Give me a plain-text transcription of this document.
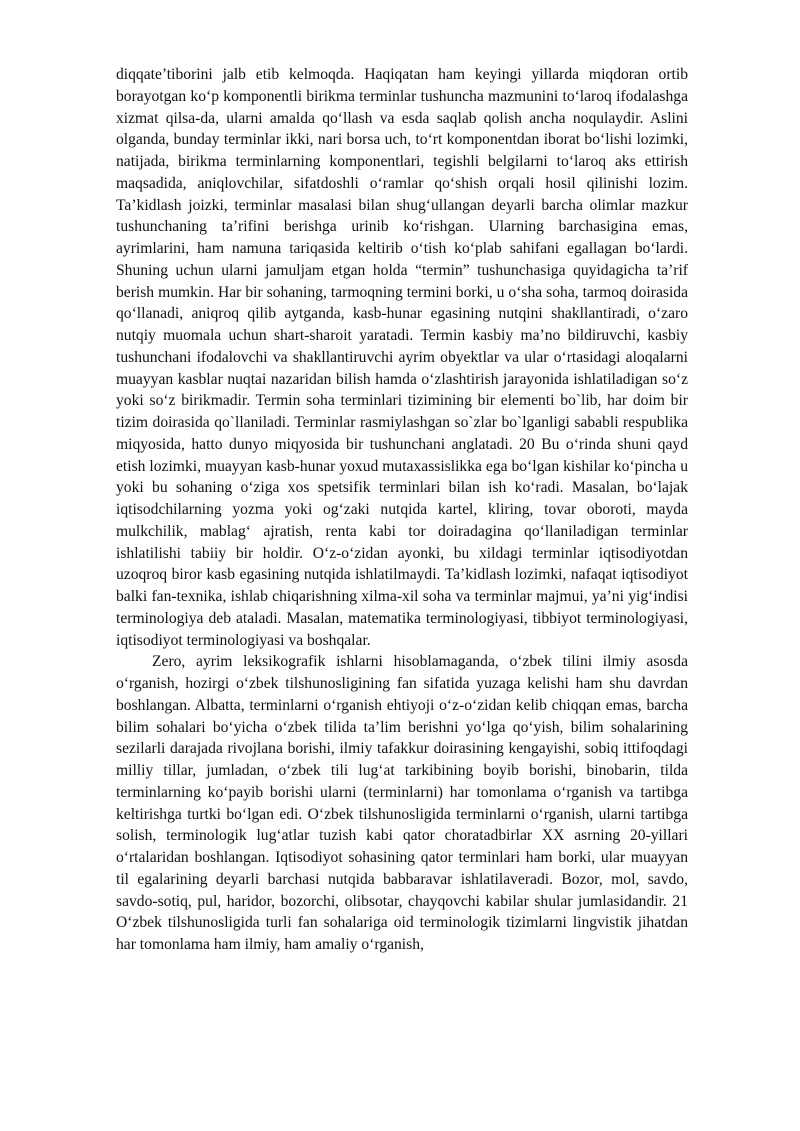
diqqate’tiborini jalb etib kelmoqda. Haqiqatan ham keyingi yillarda miqdoran ortib borayotgan ko‘p komponentli birikma terminlar tushuncha mazmunini to‘laroq ifodalashga xizmat qilsa-da, ularni amalda qo‘llash va esda saqlab qolish ancha noqulaydir. Aslini olganda, bunday terminlar ikki, nari borsa uch, to‘rt komponentdan iborat bo‘lishi lozimki, natijada, birikma terminlarning komponentlari, tegishli belgilarni to‘laroq aks ettirish maqsadida, aniqlovchilar, sifatdoshli o‘ramlar qo‘shish orqali hosil qilinishi lozim. Ta’kidlash joizki, terminlar masalasi bilan shug‘ullangan deyarli barcha olimlar mazkur tushunchaning ta’rifini berishga urinib ko‘rishgan. Ularning barchasigina emas, ayrimlarini, ham namuna tariqasida keltirib o‘tish ko‘plab sahifani egallagan bo‘lardi. Shuning uchun ularni jamuljam etgan holda “termin” tushunchasiga quyidagicha ta’rif berish mumkin. Har bir sohaning, tarmoqning termini borki, u o‘sha soha, tarmoq doirasida qo‘llanadi, aniqroq qilib aytganda, kasb-hunar egasining nutqini shakllantiradi, o‘zaro nutqiy muomala uchun shart-sharoit yaratadi. Termin kasbiy ma’no bildiruvchi, kasbiy tushunchani ifodalovchi va shakllantiruvchi ayrim obyektlar va ular o‘rtasidagi aloqalarni muayyan kasblar nuqtai nazaridan bilish hamda o‘zlashtirish jarayonida ishlatiladigan so‘z yoki so‘z birikmadir. Termin soha terminlari tizimining bir elementi bo`lib, har doim bir tizim doirasida qo`llaniladi. Terminlar rasmiylashgan so`zlar bo`lganligi sababli respublika miqyosida, hatto dunyo miqyosida bir tushunchani anglatadi. 20 Bu o‘rinda shuni qayd etish lozimki, muayyan kasb-hunar yoxud mutaxassislikka ega bo‘lgan kishilar ko‘pincha u yoki bu sohaning o‘ziga xos spetsifik terminlari bilan ish ko‘radi. Masalan, bo‘lajak iqtisodchilarning yozma yoki og‘zaki nutqida kartel, kliring, tovar oboroti, mayda mulkchilik, mablag‘ ajratish, renta kabi tor doiradagina qo‘llaniladigan terminlar ishlatilishi tabiiy bir holdir. O‘z-o‘zidan ayonki, bu xildagi terminlar iqtisodiyotdan uzoqroq biror kasb egasining nutqida ishlatilmaydi. Ta’kidlash lozimki, nafaqat iqtisodiyot balki fan-texnika, ishlab chiqarishning xilma-xil soha va terminlar majmui, ya’ni yig‘indisi terminologiya deb ataladi. Masalan, matematika terminologiyasi, tibbiyot terminologiyasi, iqtisodiyot terminologiyasi va boshqalar.

Zero, ayrim leksikografik ishlarni hisoblamaganda, o‘zbek tilini ilmiy asosda o‘rganish, hozirgi o‘zbek tilshunosligining fan sifatida yuzaga kelishi ham shu davrdan boshlangan. Albatta, terminlarni o‘rganish ehtiyoji o‘z-o‘zidan kelib chiqqan emas, barcha bilim sohalari bo‘yicha o‘zbek tilida ta’lim berishni yo‘lga qo‘yish, bilim sohalarining sezilarli darajada rivojlana borishi, ilmiy tafakkur doirasining kengayishi, sobiq ittifoqdagi milliy tillar, jumladan, o‘zbek tili lug‘at tarkibining boyib borishi, binobarin, tilda terminlarning ko‘payib borishi ularni (terminlarni) har tomonlama o‘rganish va tartibga keltirishga turtki bo‘lgan edi. O‘zbek tilshunosligida terminlarni o‘rganish, ularni tartibga solish, terminologik lug‘atlar tuzish kabi qator choratadbirlar XX asrning 20-yillari o‘rtalaridan boshlangan. Iqtisodiyot sohasining qator terminlari ham borki, ular muayyan til egalarining deyarli barchasi nutqida babbaravar ishlatilaveradi. Bozor, mol, savdo, savdo-sotiq, pul, haridor, bozorchi, olibsotar, chayqovchi kabilar shular jumlasidandir. 21 O‘zbek tilshunosligida turli fan sohalariga oid terminologik tizimlarni lingvistik jihatdan har tomonlama ham ilmiy, ham amaliy o‘rganish,
